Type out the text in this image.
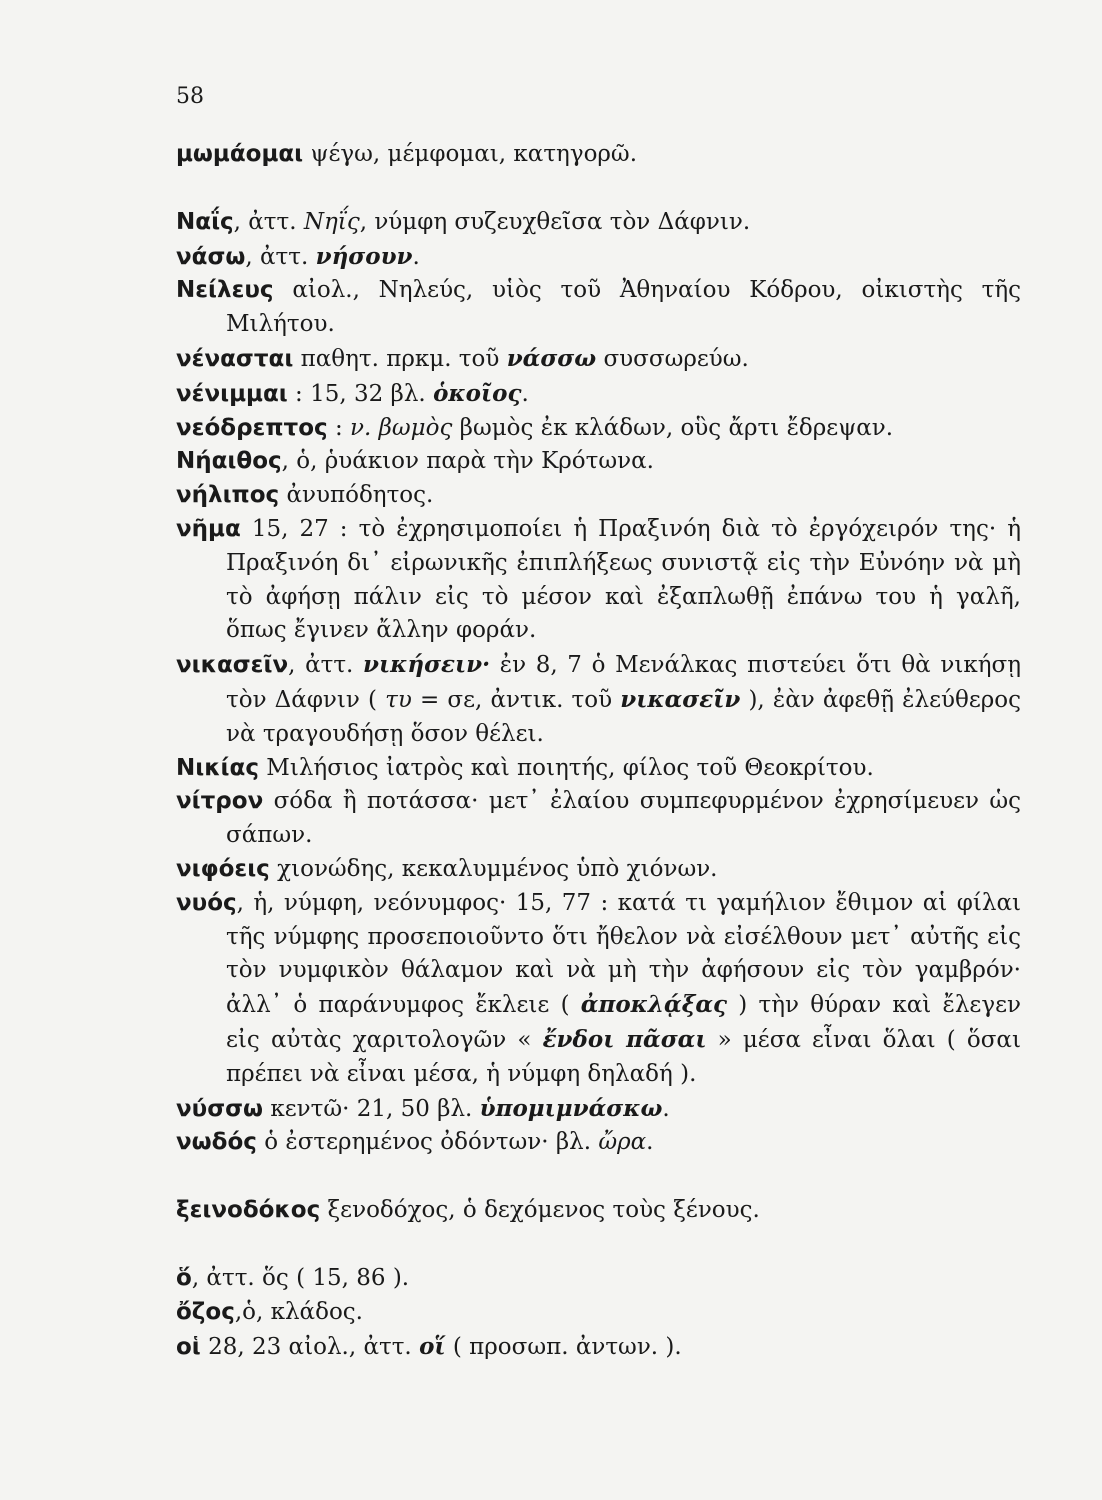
58

μωμάομαι ψέγω, μέμφομαι, κατηγορῶ.

Ναΐς, ἀττ. Νηΐς, νύμφη συζευχθεῖσα τὸν Δάφνιν.

νάσω, ἀττ. νήσουν.

Νείλευς αἰολ., Νηλεύς, υἱὸς τοῦ Ἀθηναίου Κόδρου, οἰκιστὴς τῆς Μιλήτου.

νένασται παθητ. πρκμ. τοῦ νάσσω συσσωρεύω.

νένιμμαι : 15, 32 βλ. ὁκοῖος.

νεόδρεπτος : ν. βωμὸς βωμὸς ἐκ κλάδων, οὓς ἄρτι ἔδρεψαν.

Νήαιθος, ὁ, ῥυάκιον παρὰ τὴν Κρότωνα.

νήλιπος ἀνυπόδητος.

νῆμα 15, 27 : τὸ ἐχρησιμοποίει ἡ Πραξινόη διὰ τὸ ἐργόχειρόν της· ἡ Πραξινόη δι᾿ εἰρωνικῆς ἐπιπλήξεως συνιστᾷ εἰς τὴν Εὐνόην νὰ μὴ τὸ ἀφήσῃ πάλιν εἰς τὸ μέσον καὶ ἐξαπλωθῇ ἐπάνω του ἡ γαλῆ, ὅπως ἔγινεν ἄλλην φοράν.

νικασεῖν, ἀττ. νικήσειν· ἐν 8, 7 ὁ Μενάλκας πιστεύει ὅτι θὰ νικήσῃ τὸν Δάφνιν ( τυ = σε, ἀντικ. τοῦ νικασεῖν ), ἐὰν ἀφεθῇ ἐλεύθερος νὰ τραγουδήσῃ ὅσον θέλει.

Νικίας Μιλήσιος ἰατρὸς καὶ ποιητής, φίλος τοῦ Θεοκρίτου.

νίτρον σόδα ἢ ποτάσσα· μετ᾿ ἐλαίου συμπεφυρμένον ἐχρησίμευεν ὡς σάπων.

νιφόεις χιονώδης, κεκαλυμμένος ὑπὸ χιόνων.

νυός, ἡ, νύμφη, νεόνυμφος· 15, 77 : κατά τι γαμήλιον ἔθιμον αἱ φίλαι τῆς νύμφης προσεποιοῦντο ὅτι ἤθελον νὰ εἰσέλθουν μετ᾿ αὐτῆς εἰς τὸν νυμφικὸν θάλαμον καὶ νὰ μὴ τὴν ἀφήσουν εἰς τὸν γαμβρόν· ἀλλ᾿ ὁ παράνυμφος ἔκλειε ( ἀποκλᾴξας ) τὴν θύραν καὶ ἔλεγεν εἰς αὐτὰς χαριτολογῶν « ἔνδοι πᾶσαι » μέσα εἶναι ὅλαι ( ὅσαι πρέπει νὰ εἶναι μέσα, ἡ νύμφη δηλαδή ).

νύσσω κεντῶ· 21, 50 βλ. ὑπομιμνάσκω.

νωδός ὁ ἐστερημένος ὀδόντων· βλ. ὤρα.

ξεινοδόκος ξενοδόχος, ὁ δεχόμενος τοὺς ξένους.

ὅ, ἀττ. ὅς ( 15, 86 ).

ὄζος,ὁ, κλάδος.

οἱ 28, 23 αἰολ., ἀττ. οἵ ( προσωπ. ἀντων. ).
